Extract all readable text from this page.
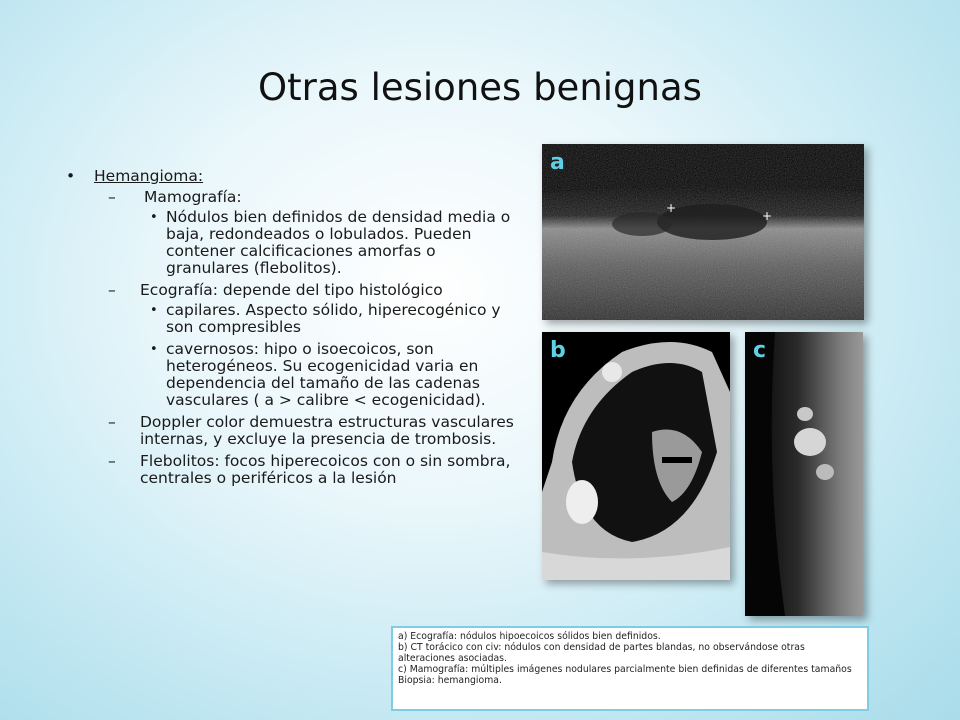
Otras lesiones benignas
• Hemangioma:
– Mamografía:
• Nódulos bien definidos de densidad media o baja, redondeados o lobulados. Pueden contener calcificaciones amorfas o granulares (flebolitos).
– Ecografía: depende del tipo histológico
• capilares. Aspecto sólido, hiperecogénico y son compresibles
• cavernosos: hipo o isoecoicos, son heterogéneos. Su ecogenicidad varia en dependencia del tamaño de las cadenas vasculares ( a > calibre < ecogenicidad).
– Doppler color demuestra estructuras vasculares internas, y excluye la presencia de trombosis.
– Flebolitos: focos hiperecoicos con o sin sombra, centrales o periféricos a la lesión
+
+
a
b	c
a) Ecografía: nódulos hipoecoicos sólidos bien definidos.
b) CT torácico con civ: nódulos con densidad de partes blandas, no observándose otras alteraciones asociadas.
c) Mamografía: múltiples imágenes nodulares parcialmente bien definidas de diferentes tamaños
Biopsia: hemangioma.
